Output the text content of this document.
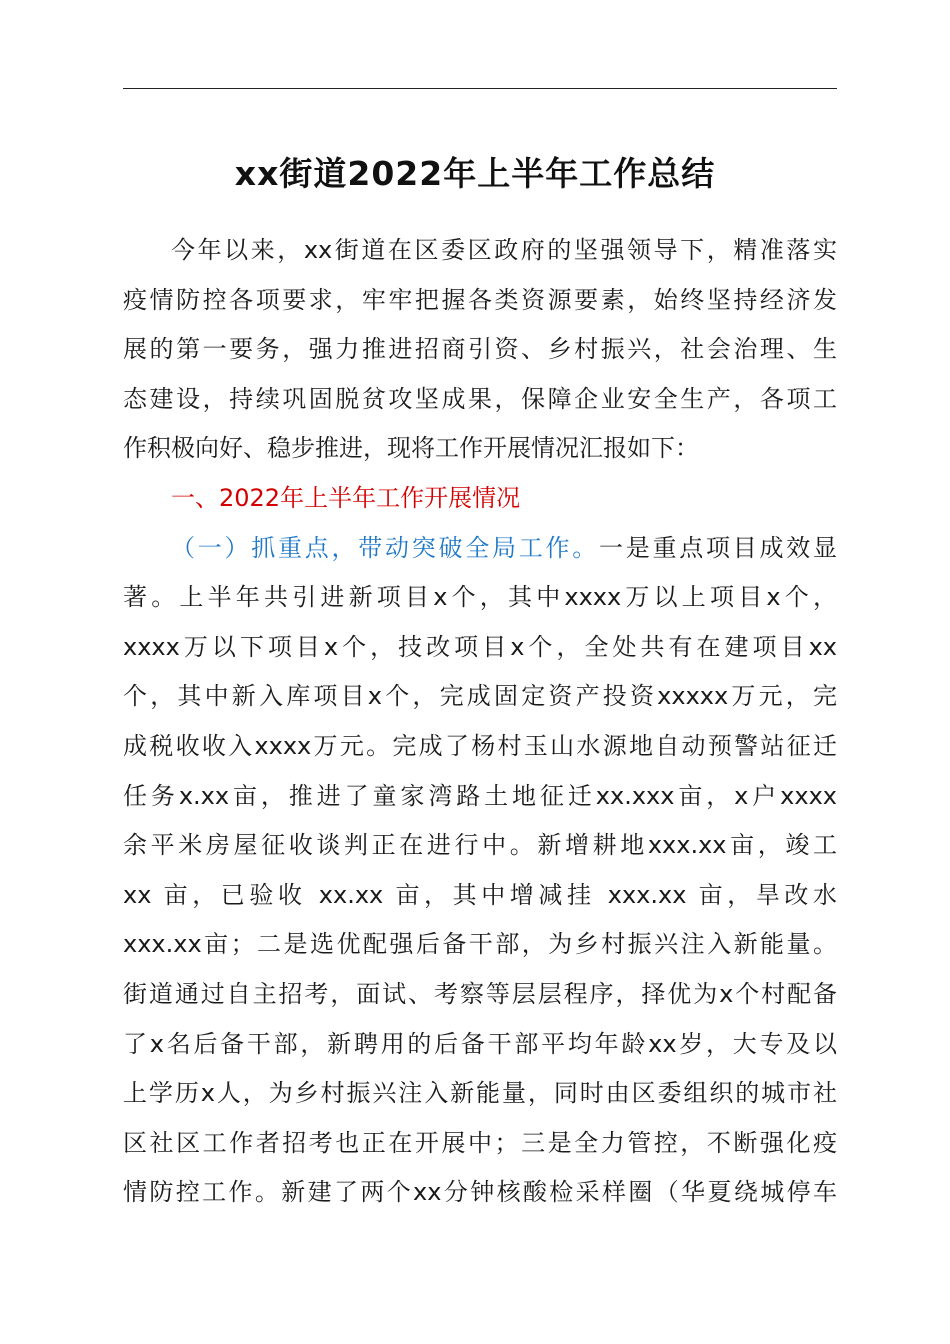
xx街道2022年上半年工作总结
今年以来，xx街道在区委区政府的坚强领导下，精准落实
疫情防控各项要求，牢牢把握各类资源要素，始终坚持经济发
展的第一要务，强力推进招商引资、乡村振兴，社会治理、生
态建设，持续巩固脱贫攻坚成果，保障企业安全生产，各项工
作积极向好、稳步推进，现将工作开展情况汇报如下：
一、2022年上半年工作开展情况
（一）抓重点，带动突破全局工作。一是重点项目成效显
著。上半年共引进新项目x个，其中xxxx万以上项目x个，
xxxx万以下项目x个，技改项目x个，全处共有在建项目xx
个，其中新入库项目x个，完成固定资产投资xxxxx万元，完
成税收收入xxxx万元。完成了杨村玉山水源地自动预警站征迁
任务x.xx亩，推进了童家湾路土地征迁xx.xxx亩，x户xxxx
余平米房屋征收谈判正在进行中。新增耕地xxx.xx亩，竣工
xx 亩，已验收 xx.xx 亩，其中增减挂 xxx.xx 亩，旱改水
xxx.xx亩；二是选优配强后备干部，为乡村振兴注入新能量。
街道通过自主招考，面试、考察等层层程序，择优为x个村配备
了x名后备干部，新聘用的后备干部平均年龄xx岁，大专及以
上学历x人，为乡村振兴注入新能量，同时由区委组织的城市社
区社区工作者招考也正在开展中；三是全力管控，不断强化疫
情防控工作。新建了两个xx分钟核酸检采样圈（华夏绕城停车
